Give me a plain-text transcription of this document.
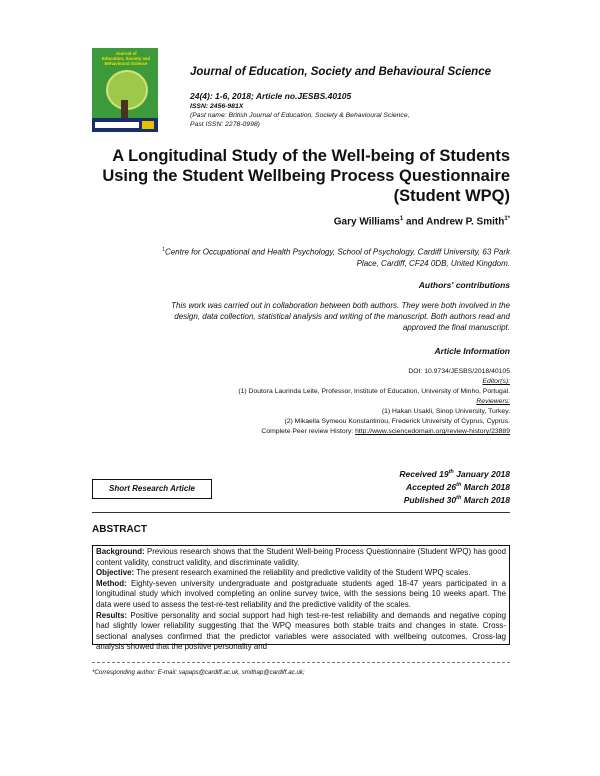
Journal of
Education, Society and
Behavioural Science
Journal of Education, Society and Behavioural Science
24(4): 1-6, 2018; Article no.JESBS.40105
ISSN: 2456-981X
(Past name: British Journal of Education, Society & Behavioural Science,
Past ISSN: 2278-0998)
A Longitudinal Study of the Well-being of Students
Using the Student Wellbeing Process Questionnaire
(Student WPQ)
Gary Williams$^1$ and Andrew P. Smith$^{1*}$
$^1$Centre for Occupational and Health Psychology, School of Psychology, Cardiff University, 63 Park
Place, Cardiff, CF24 0DB, United Kingdom.
Authors' contributions
This work was carried out in collaboration between both authors. They were both involved in the
design, data collection, statistical analysis and writing of the manuscript. Both authors read and
approved the final manuscript.
Article Information
DOI: 10.9734/JESBS/2018/40105
Editor(s):
(1) Doutora Laurinda Leite, Professor, Institute of Education, University of Minho, Portugal.
Reviewers:
(1) Hakan Usakli, Sinop University, Turkey.
(2) Mikaella Symeou Konstantinou, Frederick University of Cyprus, Cyprus.
Complete Peer review History: http://www.sciencedomain.org/review-history/23889
Short Research Article
Received 19th January 2018
Accepted 26th March 2018
Published 30th March 2018
ABSTRACT

Background: Previous research shows that the Student Well-being Process Questionnaire (Student WPQ) has good content validity, construct validity, and discriminate validity.

Objective: The present research examined the reliability and predictive validity of the Student WPQ scales.

Method: Eighty-seven university undergraduate and postgraduate students aged 18-47 years participated in a longitudinal study which involved completing an online survey twice, with the sessions being 10 weeks apart. The data were used to assess the test-re-test reliability and the predictive validity of the scales.

Results: Positive personality and social support had high test-re-test reliability and demands and negative coping had slightly lower reliability suggesting that the WPQ measures both stable traits and changes in state. Cross-sectional analyses confirmed that the predictor variables were associated with wellbeing outcomes. Cross-lag analysis showed that the positive personality and

*Corresponding author: E-mail: sapaps@cardiff.ac.uk, smithap@cardiff.ac.uk;
